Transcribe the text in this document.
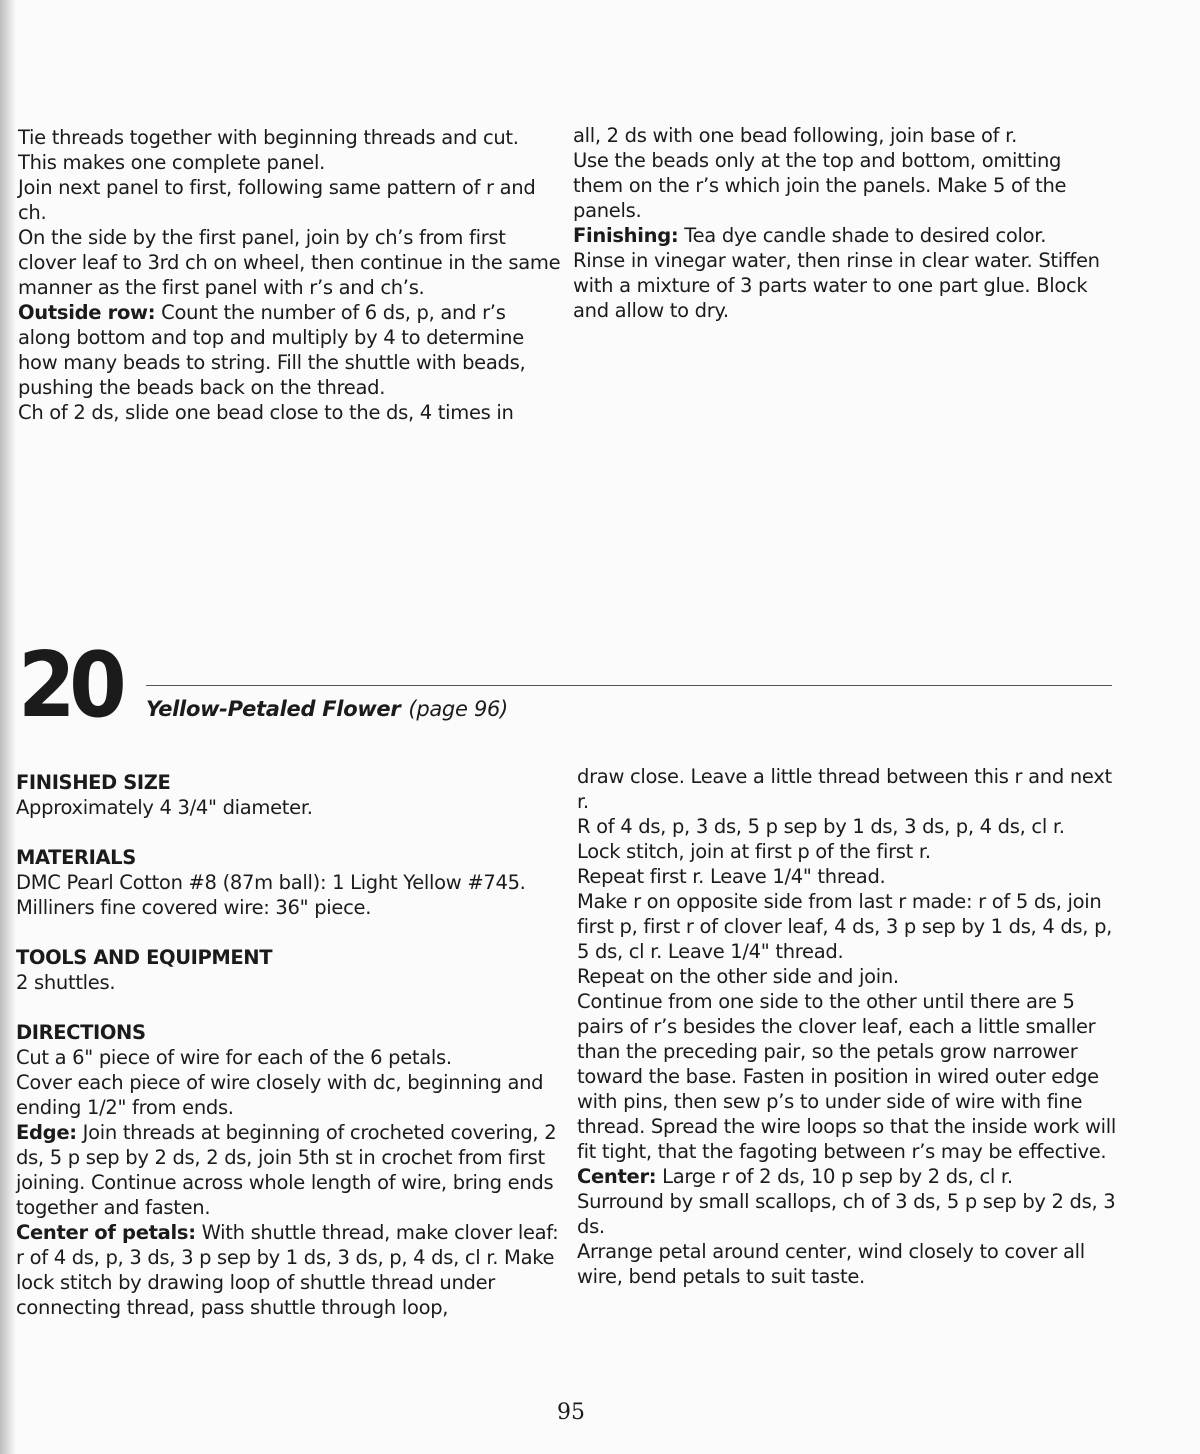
Tie threads together with beginning threads and cut. This makes one complete panel.

Join next panel to first, following same pattern of r and ch.

On the side by the first panel, join by ch’s from first clover leaf to 3rd ch on wheel, then continue in the same manner as the first panel with r’s and ch’s.

Outside row: Count the number of 6 ds, p, and r’s along bottom and top and multiply by 4 to determine how many beads to string. Fill the shuttle with beads, pushing the beads back on the thread.

Ch of 2 ds, slide one bead close to the ds, 4 times in

all, 2 ds with one bead following, join base of r.

Use the beads only at the top and bottom, omitting them on the r’s which join the panels. Make 5 of the panels.

Finishing: Tea dye candle shade to desired color. Rinse in vinegar water, then rinse in clear water. Stiffen with a mixture of 3 parts water to one part glue. Block and allow to dry.

20 Yellow-Petaled Flower (page 96)

FINISHED SIZE

Approximately 4 3/4" diameter.

MATERIALS

DMC Pearl Cotton #8 (87m ball): 1 Light Yellow #745.

Milliners fine covered wire: 36" piece.

TOOLS AND EQUIPMENT

2 shuttles.

DIRECTIONS

Cut a 6" piece of wire for each of the 6 petals.

Cover each piece of wire closely with dc, beginning and ending 1/2" from ends.

Edge: Join threads at beginning of crocheted covering, 2 ds, 5 p sep by 2 ds, 2 ds, join 5th st in crochet from first joining. Continue across whole length of wire, bring ends together and fasten.

Center of petals: With shuttle thread, make clover leaf: r of 4 ds, p, 3 ds, 3 p sep by 1 ds, 3 ds, p, 4 ds, cl r. Make lock stitch by drawing loop of shuttle thread under connecting thread, pass shuttle through loop,

draw close. Leave a little thread between this r and next r.

R of 4 ds, p, 3 ds, 5 p sep by 1 ds, 3 ds, p, 4 ds, cl r.

Lock stitch, join at first p of the first r.

Repeat first r. Leave 1/4" thread.

Make r on opposite side from last r made: r of 5 ds, join first p, first r of clover leaf, 4 ds, 3 p sep by 1 ds, 4 ds, p, 5 ds, cl r. Leave 1/4" thread.

Repeat on the other side and join.

Continue from one side to the other until there are 5 pairs of r’s besides the clover leaf, each a little smaller than the preceding pair, so the petals grow narrower toward the base. Fasten in position in wired outer edge with pins, then sew p’s to under side of wire with fine thread. Spread the wire loops so that the inside work will fit tight, that the fagoting between r’s may be effective.

Center: Large r of 2 ds, 10 p sep by 2 ds, cl r.

Surround by small scallops, ch of 3 ds, 5 p sep by 2 ds, 3 ds.

Arrange petal around center, wind closely to cover all wire, bend petals to suit taste.

95
